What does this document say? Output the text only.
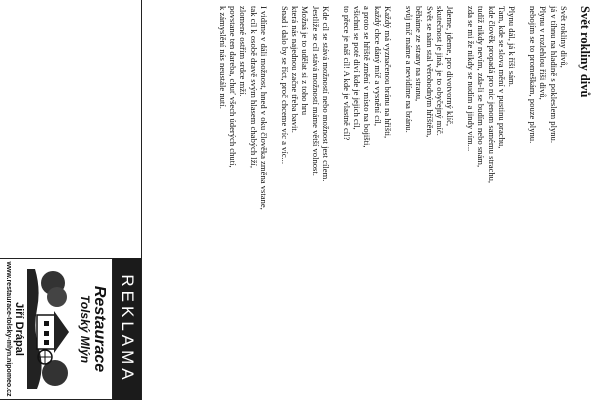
Svět rokliny divů
Svět rokliny divů,
já v tíhnu na hladině s pokleslem plynu.
Plynu v rozlehlou říši divů,
nebojím se to promeškám, pouze plynu.
Plynu dál, já k říši sám.
Tam, kde se slova mění v pustinu prachu,
kde člověk propadá pro nic jenom samému strachu,
tudíž nikdy nevím, zda-li se budím nebo snám,
zda se mi že nikdy se nudím a jindy vím...
Jdeme, jdeme, pro divotvorný klíč,
skutečnost je jiná, je to obyčejný míč.
Svět se nám stal věrohodným hříštěm,
běháme ze strany na stranu,
svůj míč máme a nevidíme na bránu.
Každý má vyznačenou bránu na hřišti,
každý chce dáný míč a vysnění cíl,
a proto se hřiště změní v místo na bojišti,
všichni se poté diví kde je jejich cíl,
to přece je náš cíl! A kde je vlastně cíl?
Kde cíl se stává možností nebo možnost jest cílem.
Jestliže se cíl stává možností máme větší volnost.
Možná je to udělat si z toho hru
která nás najednou začne třeba bavit.
Snad i dalo by se říct, proč chceme víc a víc...
I vidíme v dáli možnost, hned v oku člověka změna vstane,
tak cíl k osobě dravě svým hlasem chabých lží,
zlomené ostřím srdce mží.
povstane ten dareba, chuť všech úderých chutí,
k zámyslění nás neustále nutí.
REKLAMA
Restaurace
Tolský Mlýn
Jiří Drápal
www.restaurace-tolsky-mlyn.nipomeo.cz
